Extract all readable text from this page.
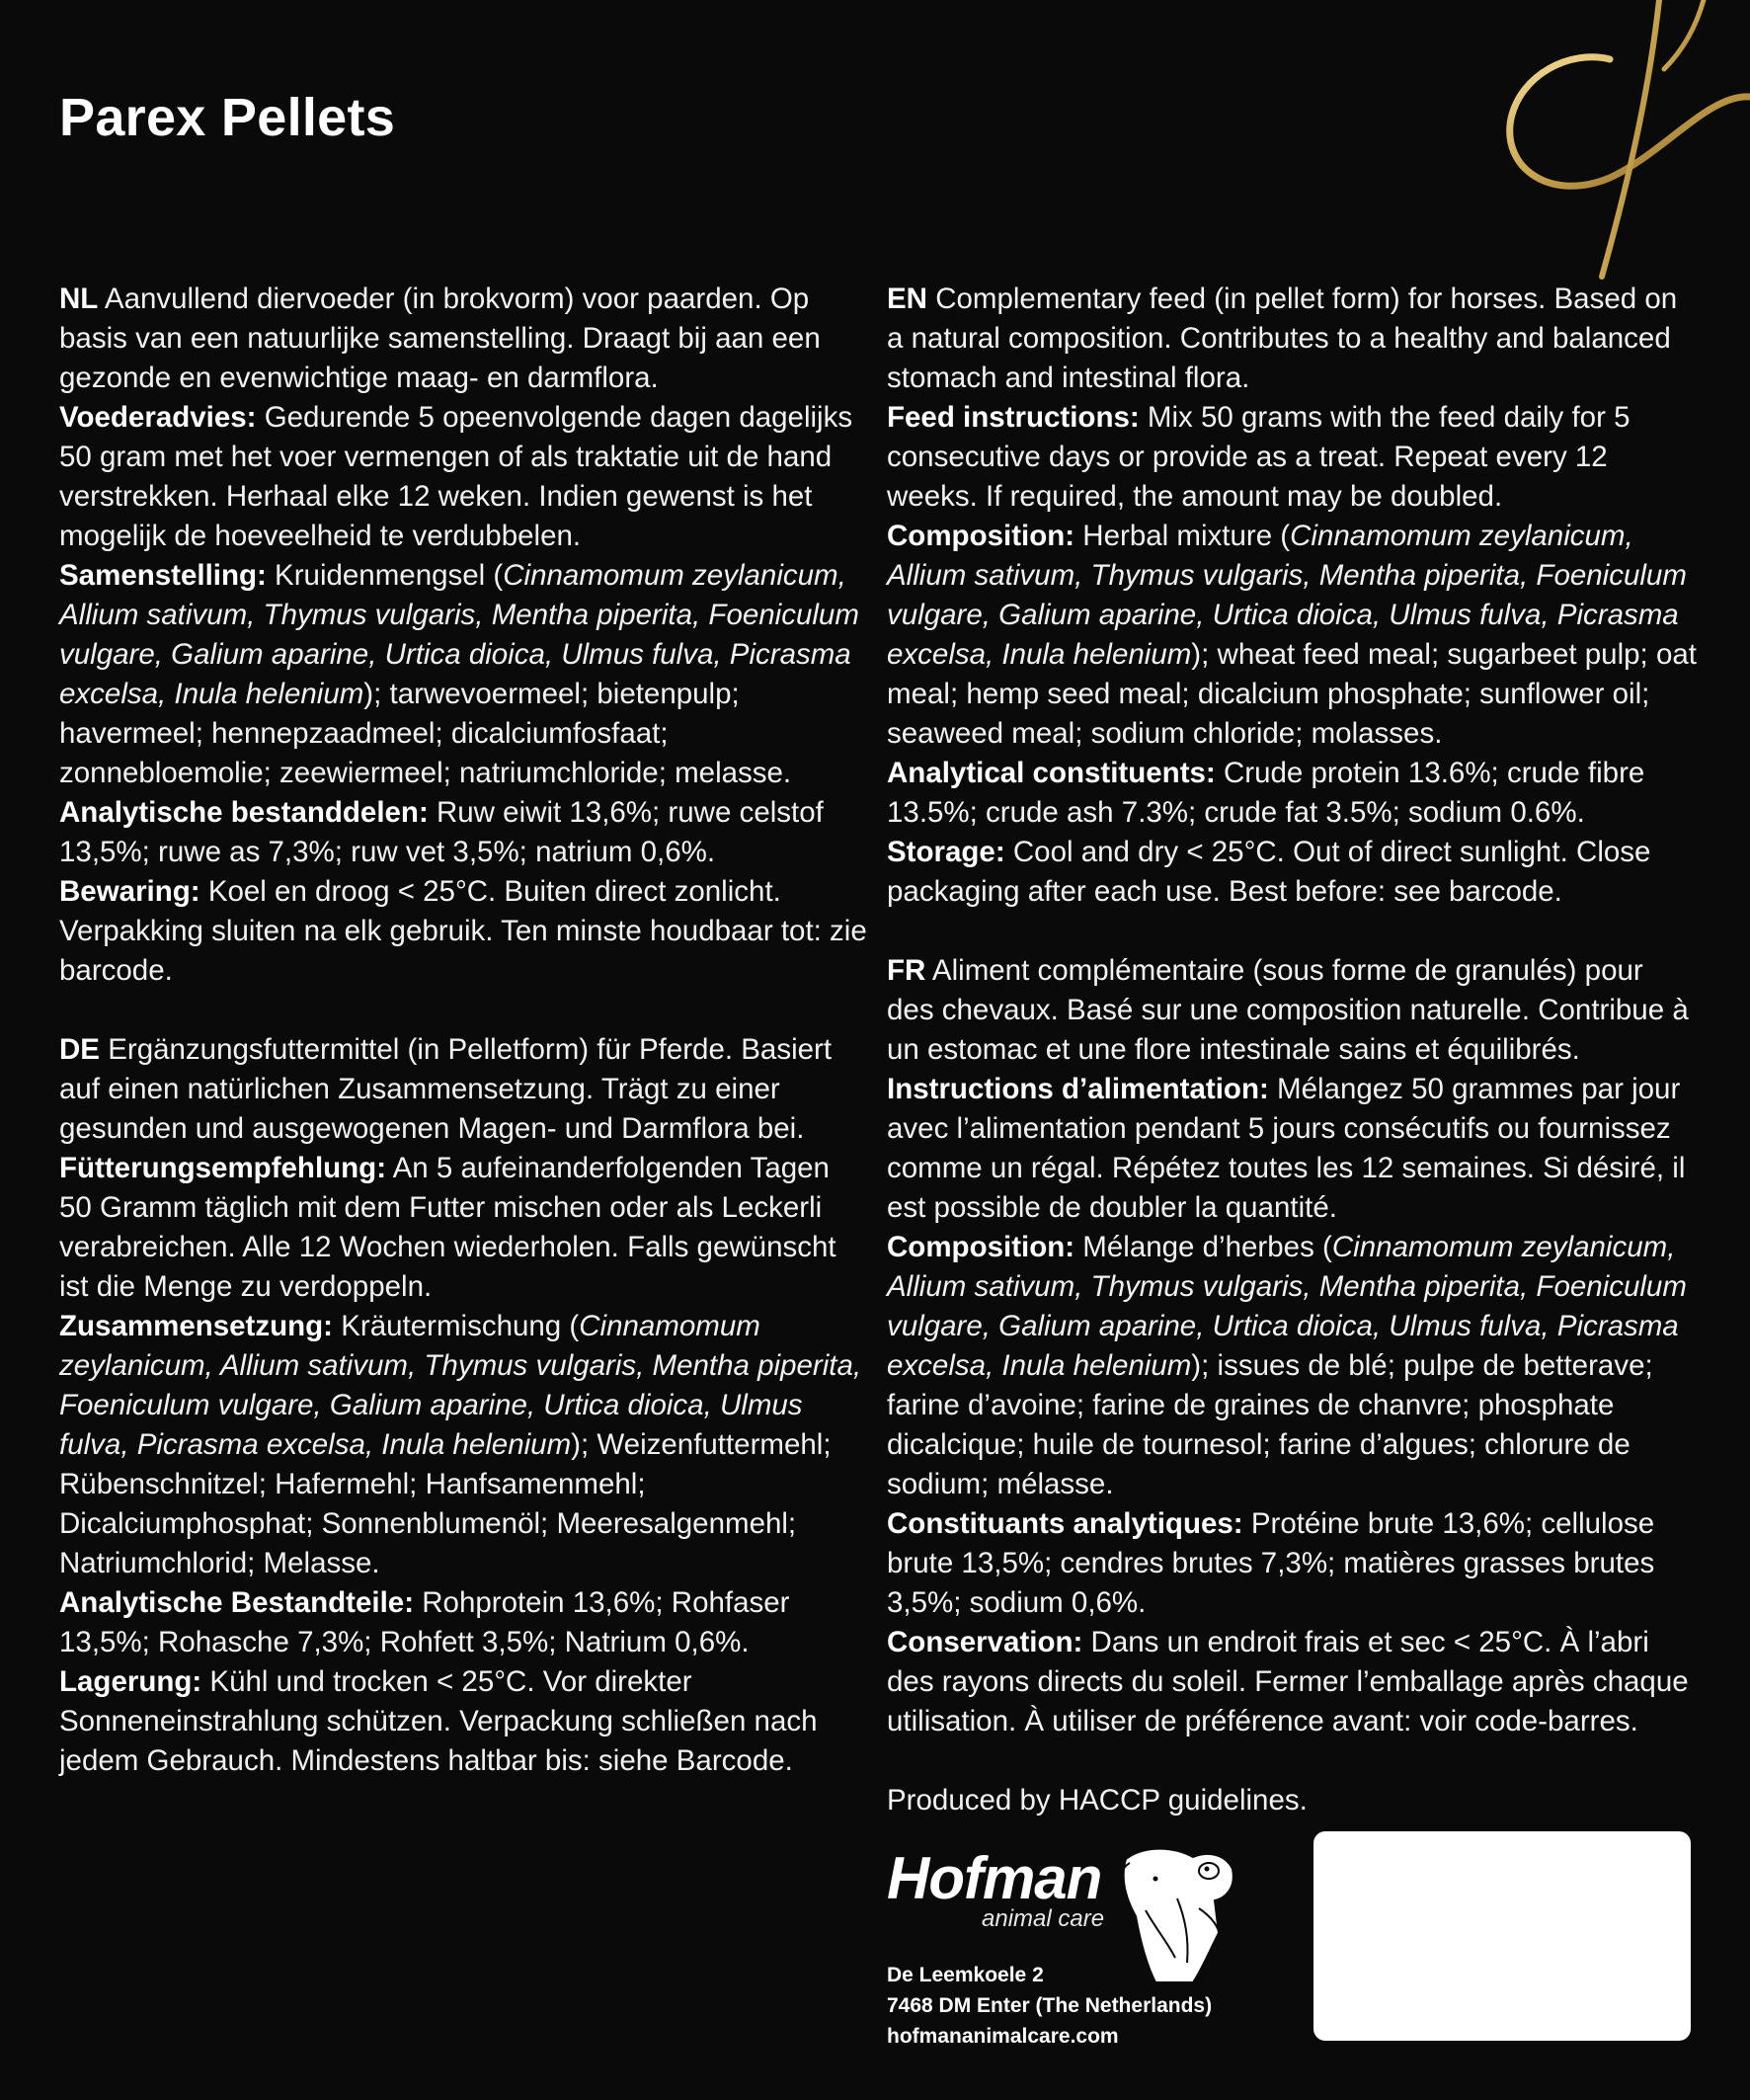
Parex Pellets

NL Aanvullend diervoeder (in brokvorm) voor paarden. Op basis van een natuurlijke samenstelling. Draagt bij aan een gezonde en evenwichtige maag- en darmflora.

Voederadvies: Gedurende 5 opeenvolgende dagen dagelijks 50 gram met het voer vermengen of als traktatie uit de hand verstrekken. Herhaal elke 12 weken. Indien gewenst is het mogelijk de hoeveelheid te verdubbelen.

Samenstelling: Kruidenmengsel (Cinnamomum zeylanicum, Allium sativum, Thymus vulgaris, Mentha piperita, Foeniculum vulgare, Galium aparine, Urtica dioica, Ulmus fulva, Picrasma excelsa, Inula helenium); tarwevoermeel; bietenpulp; havermeel; hennepzaadmeel; dicalciumfosfaat; zonnebloemolie; zeewiermeel; natriumchloride; melasse.

Analytische bestanddelen: Ruw eiwit 13,6%; ruwe celstof 13,5%; ruwe as 7,3%; ruw vet 3,5%; natrium 0,6%.

Bewaring: Koel en droog < 25°C. Buiten direct zonlicht. Verpakking sluiten na elk gebruik. Ten minste houdbaar tot: zie barcode.

DE Ergänzungsfuttermittel (in Pelletform) für Pferde. Basiert auf einen natürlichen Zusammensetzung. Trägt zu einer gesunden und ausgewogenen Magen- und Darmflora bei.

Fütterungsempfehlung: An 5 aufeinanderfolgenden Tagen 50 Gramm täglich mit dem Futter mischen oder als Leckerli verabreichen. Alle 12 Wochen wiederholen. Falls gewünscht ist die Menge zu verdoppeln.

Zusammensetzung: Kräutermischung (Cinnamomum zeylanicum, Allium sativum, Thymus vulgaris, Mentha piperita, Foeniculum vulgare, Galium aparine, Urtica dioica, Ulmus fulva, Picrasma excelsa, Inula helenium); Weizenfuttermehl; Rübenschnitzel; Hafermehl; Hanfsamenmehl; Dicalciumphosphat; Sonnenblumenöl; Meeresalgenmehl; Natriumchlorid; Melasse.

Analytische Bestandteile: Rohprotein 13,6%; Rohfaser 13,5%; Rohasche 7,3%; Rohfett 3,5%; Natrium 0,6%.

Lagerung: Kühl und trocken < 25°C. Vor direkter Sonneneinstrahlung schützen. Verpackung schließen nach jedem Gebrauch. Mindestens haltbar bis: siehe Barcode.

EN Complementary feed (in pellet form) for horses. Based on a natural composition. Contributes to a healthy and balanced stomach and intestinal flora.

Feed instructions: Mix 50 grams with the feed daily for 5 consecutive days or provide as a treat. Repeat every 12 weeks. If required, the amount may be doubled.

Composition: Herbal mixture (Cinnamomum zeylanicum, Allium sativum, Thymus vulgaris, Mentha piperita, Foeniculum vulgare, Galium aparine, Urtica dioica, Ulmus fulva, Picrasma excelsa, Inula helenium); wheat feed meal; sugarbeet pulp; oat meal; hemp seed meal; dicalcium phosphate; sunflower oil; seaweed meal; sodium chloride; molasses.

Analytical constituents: Crude protein 13.6%; crude fibre 13.5%; crude ash 7.3%; crude fat 3.5%; sodium 0.6%.

Storage: Cool and dry < 25°C. Out of direct sunlight. Close packaging after each use. Best before: see barcode.

FR Aliment complémentaire (sous forme de granulés) pour des chevaux. Basé sur une composition naturelle. Contribue à un estomac et une flore intestinale sains et équilibrés.

Instructions d’alimentation: Mélangez 50 grammes par jour avec l’alimentation pendant 5 jours consécutifs ou fournissez comme un régal. Répétez toutes les 12 semaines. Si désiré, il est possible de doubler la quantité.

Composition: Mélange d’herbes (Cinnamomum zeylanicum, Allium sativum, Thymus vulgaris, Mentha piperita, Foeniculum vulgare, Galium aparine, Urtica dioica, Ulmus fulva, Picrasma excelsa, Inula helenium); issues de blé; pulpe de betterave; farine d’avoine; farine de graines de chanvre; phosphate dicalcique; huile de tournesol; farine d’algues; chlorure de sodium; mélasse.

Constituants analytiques: Protéine brute 13,6%; cellulose brute 13,5%; cendres brutes 7,3%; matières grasses brutes 3,5%; sodium 0,6%.

Conservation: Dans un endroit frais et sec < 25°C. À l’abri des rayons directs du soleil. Fermer l’emballage après chaque utilisation. À utiliser de préférence avant: voir code-barres.

Produced by HACCP guidelines.

Hofman
animal care
De Leemkoele 2
7468 DM Enter (The Netherlands)
hofmananimalcare.com
